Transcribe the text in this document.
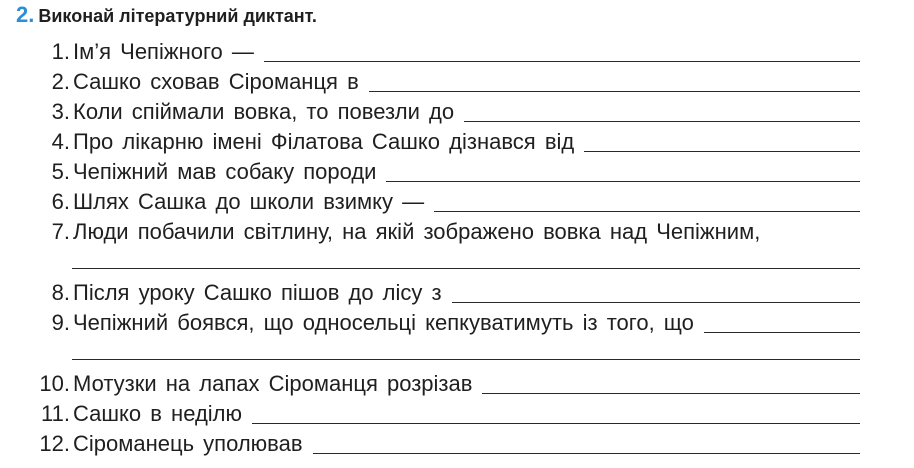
2. Виконай літературний диктант.
1. Ім’я Чепіжного —
2. Сашко сховав Сіроманця в
3. Коли спіймали вовка, то повезли до
4. Про лікарню імені Філатова Сашко дізнався від
5. Чепіжний мав собаку породи
6. Шлях Сашка до школи взимку —
7. Люди побачили світлину, на якій зображено вовка над Чепіжним,
8. Після уроку Сашко пішов до лісу з
9. Чепіжний боявся, що односельці кепкуватимуть із того, що
10. Мотузки на лапах Сіроманця розрізав
11. Сашко в неділю
12. Сіроманець уполював
